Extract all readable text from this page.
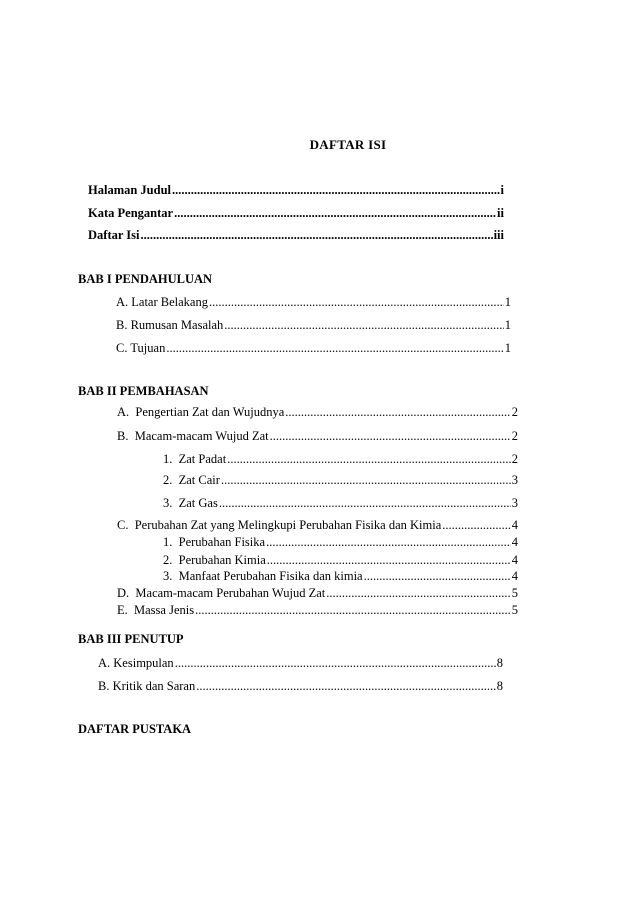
DAFTAR ISI
Halaman Judul .....	i
Kata Pengantar .....	ii
Daftar Isi .....	iii
BAB I PENDAHULUAN
A. Latar Belakang .....	1
B. Rumusan Masalah .....	1
C. Tujuan .....	1
BAB II PEMBAHASAN
A.  Pengertian Zat dan Wujudnya .....	2
B.  Macam-macam Wujud Zat .....	2
1.  Zat Padat .....	2
2.  Zat Cair .....	3
3.  Zat Gas .....	3
C.  Perubahan Zat yang Melingkupi Perubahan Fisika dan Kimia .....	4
1.  Perubahan Fisika .....	4
2.  Perubahan Kimia .....	4
3.  Manfaat Perubahan Fisika dan kimia .....	4
D.  Macam-macam Perubahan Wujud Zat .....	5
E.  Massa Jenis .....	5
BAB III PENUTUP
A. Kesimpulan .....	8
B. Kritik dan Saran .....	8
DAFTAR PUSTAKA
